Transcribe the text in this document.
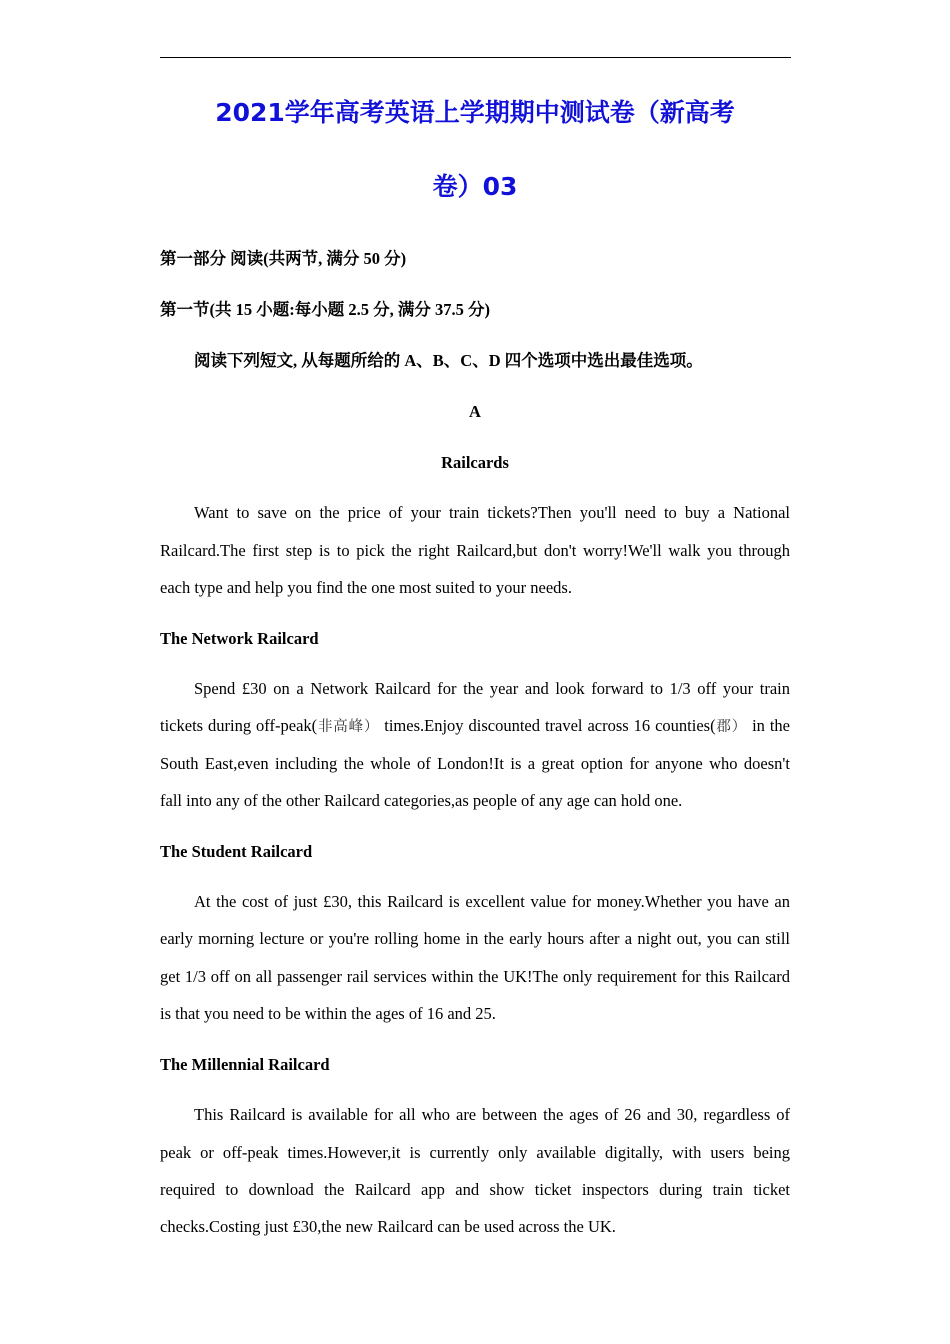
2021学年高考英语上学期期中测试卷（新高考
卷）03
第一部分 阅读(共两节, 满分 50 分)
第一节(共 15 小题:每小题 2.5 分, 满分 37.5 分)
阅读下列短文, 从每题所给的 A、B、C、D 四个选项中选出最佳选项。
A
Railcards
Want to save on the price of your train tickets?Then you'll need to buy a National
Railcard.The first step is to pick the right Railcard,but don't worry!We'll walk you through
each type and help you find the one most suited to your needs.
The Network Railcard
Spend £30 on a Network Railcard for the year and look forward to 1/3 off your train
tickets during off-peak(非高峰） times.Enjoy discounted travel across 16 counties(郡） in the
South East,even including the whole of London!It is a great option for anyone who doesn't
fall into any of the other Railcard categories,as people of any age can hold one.
The Student Railcard
At the cost of just £30, this Railcard is excellent value for money.Whether you have an
early morning lecture or you're rolling home in the early hours after a night out, you can still
get 1/3 off on all passenger rail services within the UK!The only requirement for this Railcard
is that you need to be within the ages of 16 and 25.
The Millennial Railcard
This Railcard is available for all who are between the ages of 26 and 30, regardless of
peak or off-peak times.However,it is currently only available digitally, with users being
required to download the Railcard app and show ticket inspectors during train ticket
checks.Costing just £30,the new Railcard can be used across the UK.
